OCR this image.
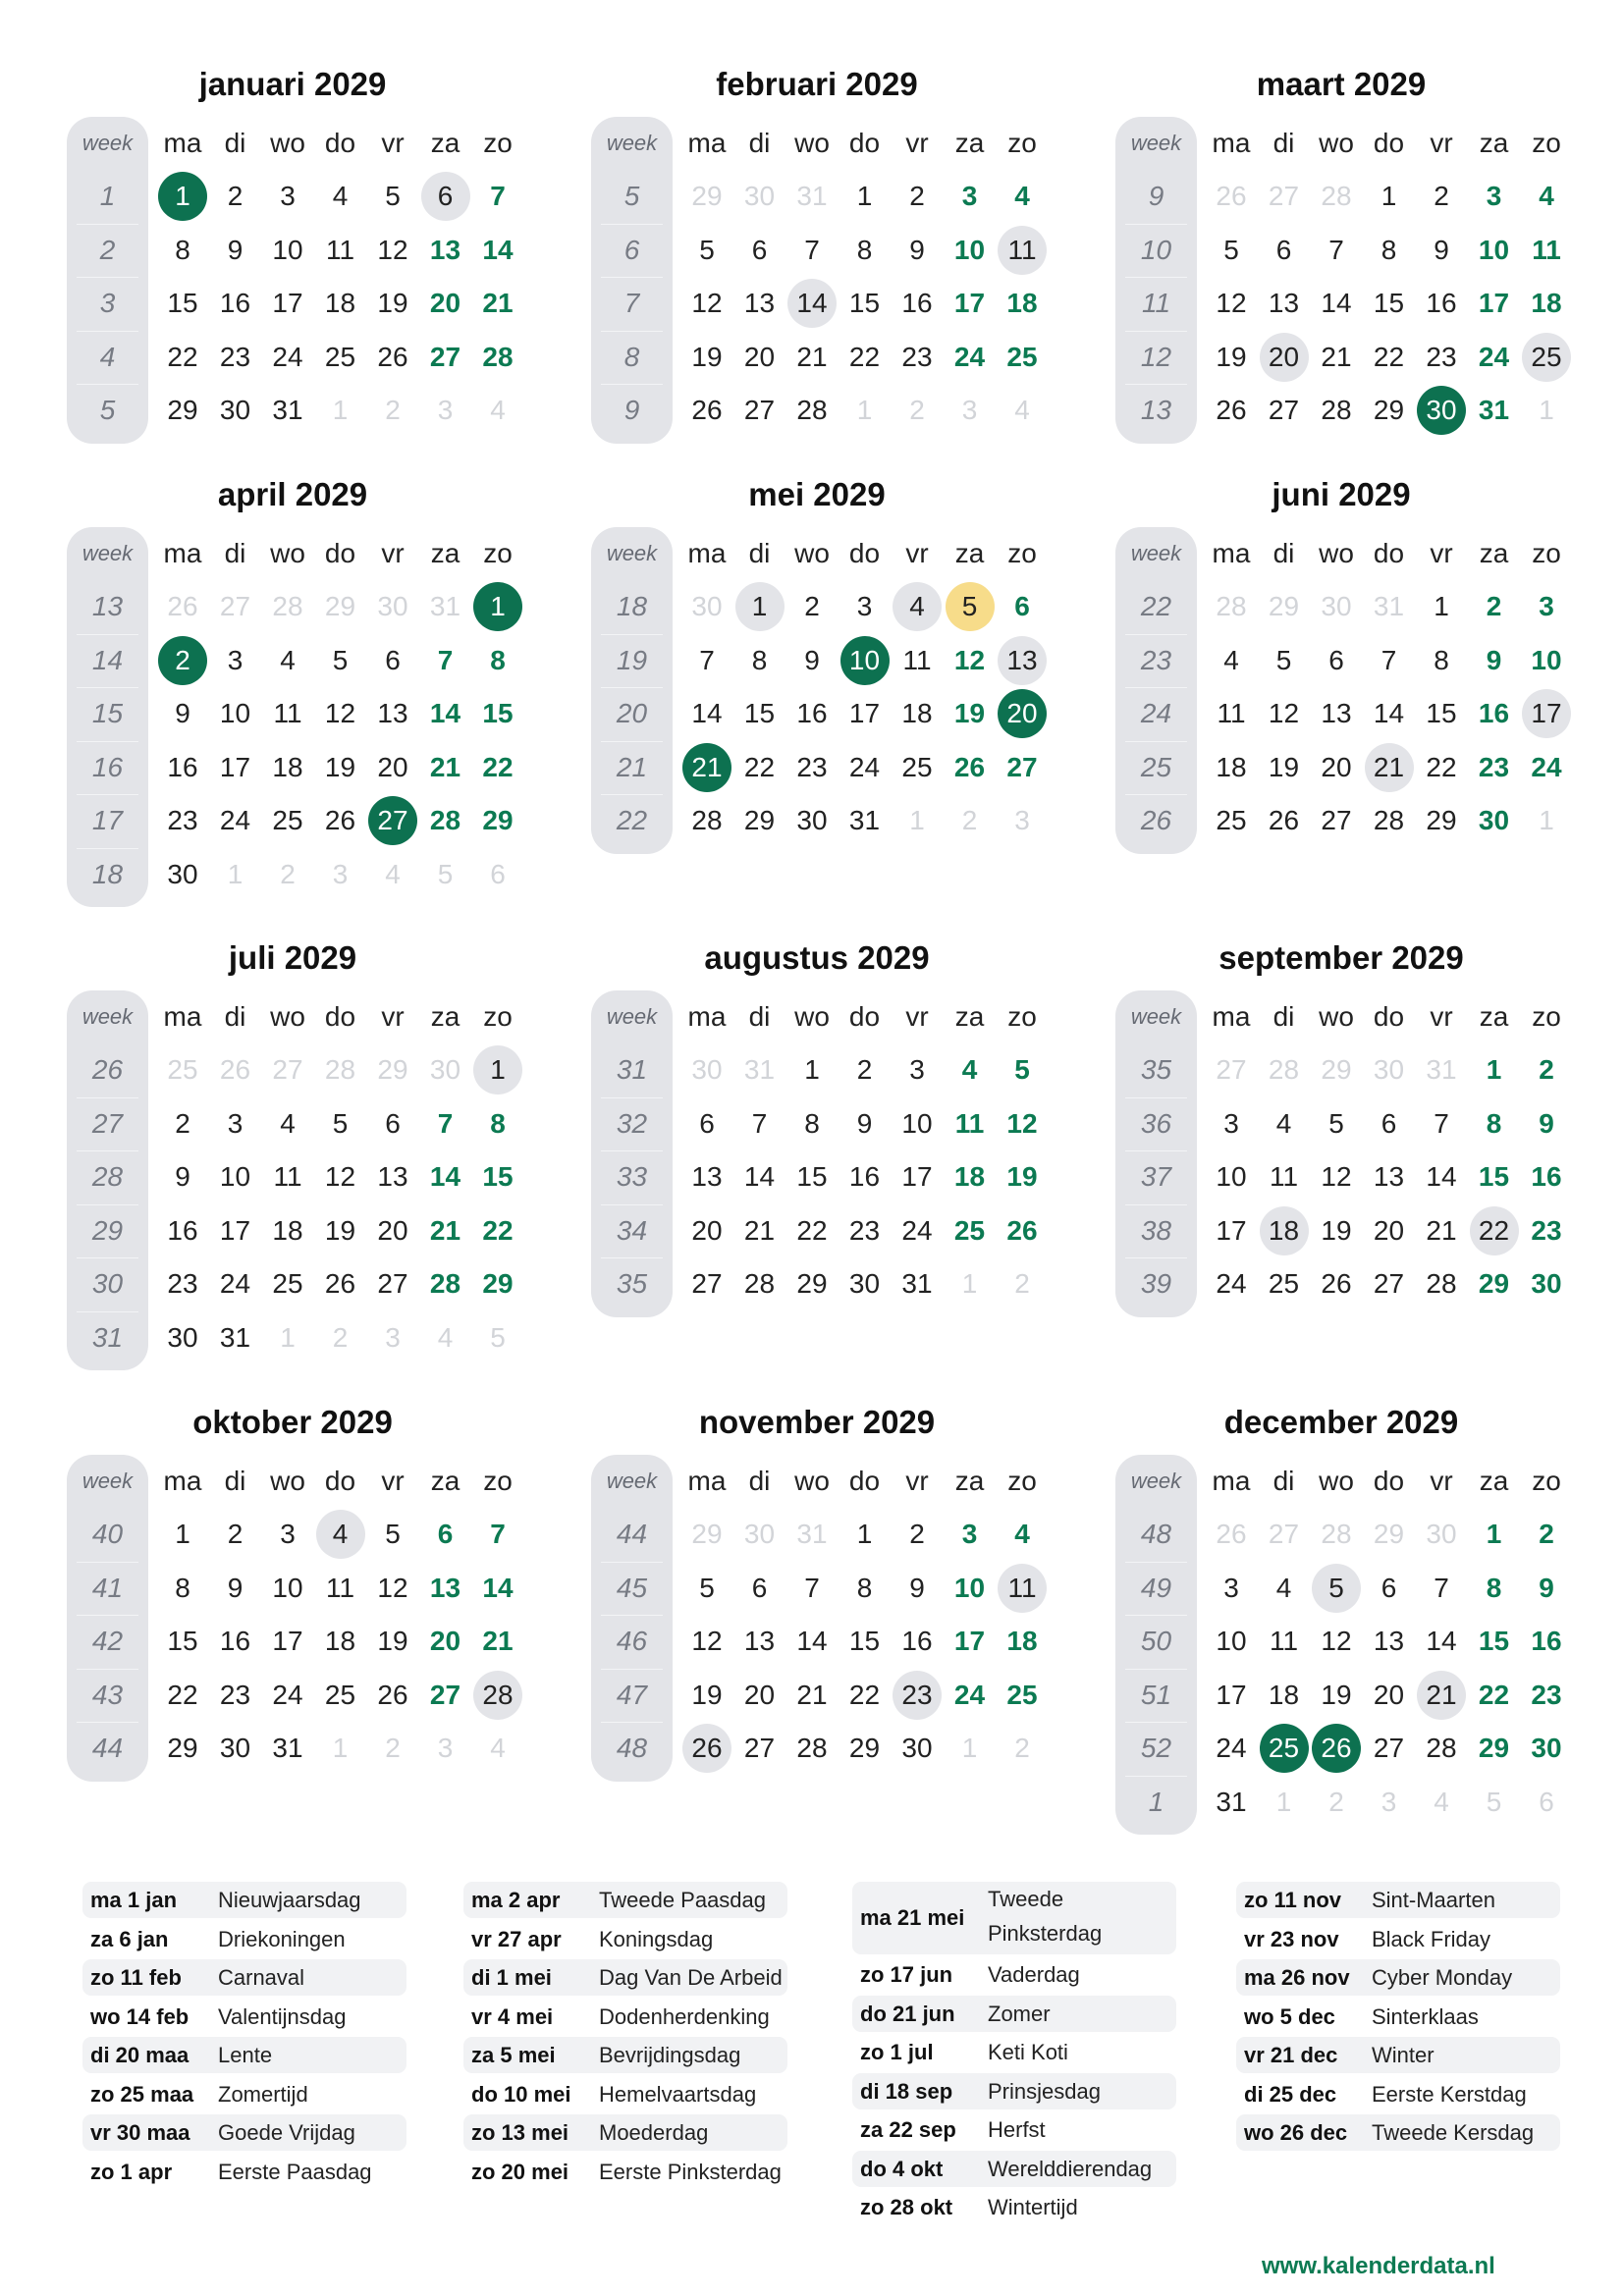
januari 2029
week	ma di wo do vr za zo
1	1	2	3	4	5	6	7
2	8	9	10 11 12 13 14
3	15 16 17 18 19 20 21
4	22 23 24 25 26 27 28
5	29 30 31	1	2	3	4
februari 2029
week	ma di wo do vr za zo
5	29 30 31	1	2	3	4
6	5	6	7	8	9	10 11
7	12 13 14 15 16 17 18
8	19 20 21 22 23 24 25
9	26 27 28	1	2	3	4
maart 2029
week	ma di wo do vr za zo
9	26 27 28	1	2	3	4
10	5	6	7	8	9	10 11
11	12 13 14 15 16 17 18
12	19 20 21 22 23 24 25
13	26 27 28 29 30 31	1
april 2029
week	ma di wo do vr za zo
13	26 27 28 29 30 31	1
14	2	3	4	5	6	7	8
15	9	10 11 12 13 14 15
16	16 17 18 19 20 21 22
17	23 24 25 26 27 28 29
18	30	1	2	3	4	5	6
mei 2029
week	ma di wo do vr za zo
18	30	1	2	3	4	5	6
19	7	8	9	10 11 12 13
20	14 15 16 17 18 19 20
21	21 22 23 24 25 26 27
22	28 29 30 31	1	2	3
juni 2029
week	ma di wo do vr za zo
22	28 29 30 31	1	2	3
23	4	5	6	7	8	9	10
24	11 12 13 14 15 16 17
25	18 19 20 21 22 23 24
26	25 26 27 28 29 30	1
juli 2029
week	ma di wo do vr za zo
26	25 26 27 28 29 30	1
27	2	3	4	5	6	7	8
28	9	10 11 12 13 14 15
29	16 17 18 19 20 21 22
30	23 24 25 26 27 28 29
31	30 31	1	2	3	4	5
augustus 2029
week	ma di wo do vr za zo
31	30 31	1	2	3	4	5
32	6	7	8	9	10 11 12
33	13 14 15 16 17 18 19
34	20 21 22 23 24 25 26
35	27 28 29 30 31	1	2
september 2029
week	ma di wo do vr za zo
35	27 28 29 30 31	1	2
36	3	4	5	6	7	8	9
37	10 11 12 13 14 15 16
38	17 18 19 20 21 22 23
39	24 25 26 27 28 29 30
oktober 2029
week	ma di wo do vr za zo
40	1	2	3	4	5	6	7
41	8	9	10 11 12 13 14
42	15 16 17 18 19 20 21
43	22 23 24 25 26 27 28
44	29 30 31	1	2	3	4
november 2029
week	ma di wo do vr za zo
44	29 30 31	1	2	3	4
45	5	6	7	8	9	10 11
46	12 13 14 15 16 17 18
47	19 20 21 22 23 24 25
48	26 27 28 29 30	1	2
december 2029
week	ma di wo do vr za zo
48	26 27 28 29 30	1	2
49	3	4	5	6	7	8	9
50	10 11 12 13 14 15 16
51	17 18 19 20 21 22 23
52	24 25 26 27 28 29 30
1	31	1	2	3	4	5	6
ma 1 jan Nieuwjaarsdag
za 6 jan Driekoningen
zo 11 feb Carnaval
wo 14 feb Valentijnsdag
di 20 maa Lente
zo 25 maa Zomertijd
vr 30 maa Goede Vrijdag
zo 1 apr Eerste Paasdag
ma 2 apr Tweede Paasdag
vr 27 apr Koningsdag
di 1 mei Dag Van De Arbeid
vr 4 mei Dodenherdenking
za 5 mei Bevrijdingsdag
do 10 mei Hemelvaartsdag
zo 13 mei Moederdag
zo 20 mei Eerste Pinksterdag
ma 21 mei
Tweede Pinksterdag
zo 17 jun Vaderdag
do 21 jun Zomer
zo 1 jul	Keti Koti
di 18 sep Prinsjesdag
za 22 sep Herfst
do 4 okt Werelddierendag
zo 28 okt Wintertijd
zo 11 nov Sint-Maarten
vr 23 nov Black Friday
ma 26 nov Cyber Monday
wo 5 dec Sinterklaas
vr 21 dec Winter
di 25 dec Eerste Kerstdag
wo 26 dec Tweede Kersdag
www.kalenderdata.nl
